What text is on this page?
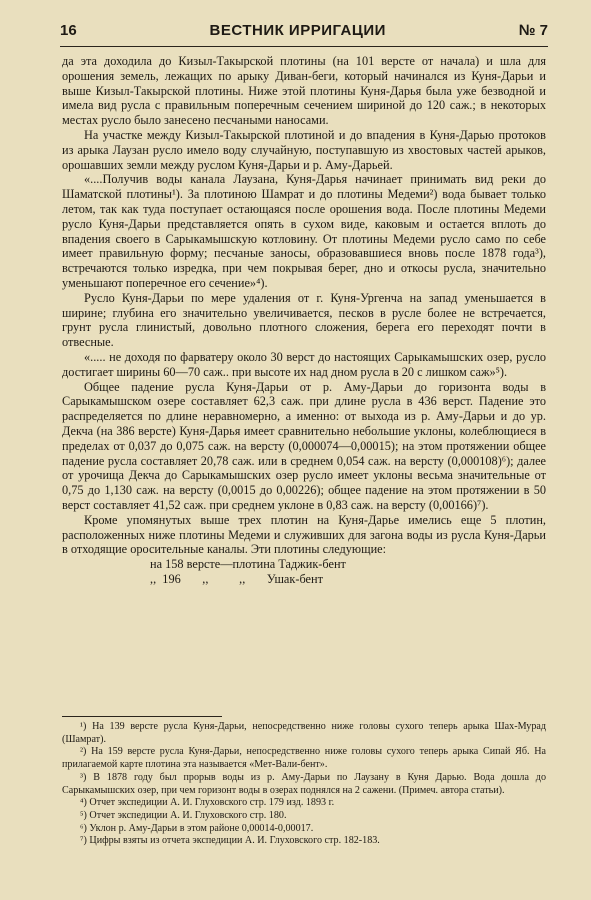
16	ВЕСТНИК ИРРИГАЦИИ	№ 7

да эта доходила до Кизыл-Такырской плотины (на 101 версте от начала) и шла для орошения земель, лежащих по арыку Диван-беги, который начинался из Куня-Дарьи и выше Кизыл-Такырской плотины. Ниже этой плотины Куня-Дарья была уже безводной и имела вид русла с правильным поперечным сечением шириной до 120 саж.; в некоторых местах русло было занесено песчаными наносами.

На участке между Кизыл-Такырской плотиной и до впадения в Куня-Дарью протоков из арыка Лаузан русло имело воду случайную, поступавшую из хвостовых частей арыков, орошавших земли между руслом Куня-Дарьи и р. Аму-Дарьей.

«....Получив воды канала Лаузана, Куня-Дарья начинает принимать вид реки до Шаматской плотины¹). За плотиною Шамрат и до плотины Медеми²) вода бывает только летом, так как туда поступает остающаяся после орошения вода. После плотины Медеми русло Куня-Дарьи представляется опять в сухом виде, каковым и остается вплоть до впадения своего в Сарыкамышскую котловину. От плотины Медеми русло само по себе имеет правильную форму; песчаные заносы, образовавшиеся вновь после 1878 года³), встречаются только изредка, при чем покрывая берег, дно и откосы русла, значительно уменьшают поперечное его сечение»⁴).

Русло Куня-Дарьи по мере удаления от г. Куня-Ургенча на запад уменьшается в ширине; глубина его значительно увеличивается, песков в русле более не встречается, грунт русла глинистый, довольно плотного сложения, берега его переходят почти в отвесные.

«..... не доходя по фарватеру около 30 верст до настоящих Сарыкамышских озер, русло достигает ширины 60—70 саж.. при высоте их над дном русла в 20 с лишком саж»⁵).

Общее падение русла Куня-Дарьи от р. Аму-Дарьи до горизонта воды в Сарыкамышском озере составляет 62,3 саж. при длине русла в 436 верст. Падение это распределяется по длине неравномерно, а именно: от выхода из р. Аму-Дарьи и до ур. Декча (на 386 версте) Куня-Дарья имеет сравнительно небольшие уклоны, колеблющиеся в пределах от 0,037 до 0,075 саж. на версту (0,000074—0,00015); на этом протяжении общее падение русла составляет 20,78 саж. или в среднем 0,054 саж. на версту (0,000108)⁶); далее от урочища Декча до Сарыкамышских озер русло имеет уклоны весьма значительные от 0,75 до 1,130 саж. на версту (0,0015 до 0,00226); общее падение на этом протяжении в 50 верст составляет 41,52 саж. при среднем уклоне в 0,83 саж. на версту (0,00166)⁷).

Кроме упомянутых выше трех плотин на Куня-Дарье имелись еще 5 плотин, расположенных ниже плотины Медеми и служивших для загона воды из русла Куня-Дарьи в отходящие оросительные каналы. Эти плотины следующие:

на 158 версте—плотина Таджик-бент
,,  196       ,,          ,,       Ушак-бент

¹) На 139 версте русла Куня-Дарьи, непосредственно ниже головы сухого теперь арыка Шах-Мурад (Шамрат).

²) На 159 версте русла Куня-Дарьи, непосредственно ниже головы сухого теперь арыка Сипай Яб. На прилагаемой карте плотина эта называется «Мет-Вали-бент».

³) В 1878 году был прорыв воды из р. Аму-Дарьи по Лаузану в Куня Дарью. Вода дошла до Сарыкамышских озер, при чем горизонт воды в озерах поднялся на 2 сажени. (Примеч. автора статьи).

⁴) Отчет экспедиции А. И. Глуховского стр. 179 изд. 1893 г.

⁵) Отчет экспедиции А. И. Глуховского стр. 180.

⁶) Уклон р. Аму-Дарьи в этом районе 0,00014-0,00017.

⁷) Цифры взяты из отчета экспедиции А. И. Глуховского стр. 182-183.
